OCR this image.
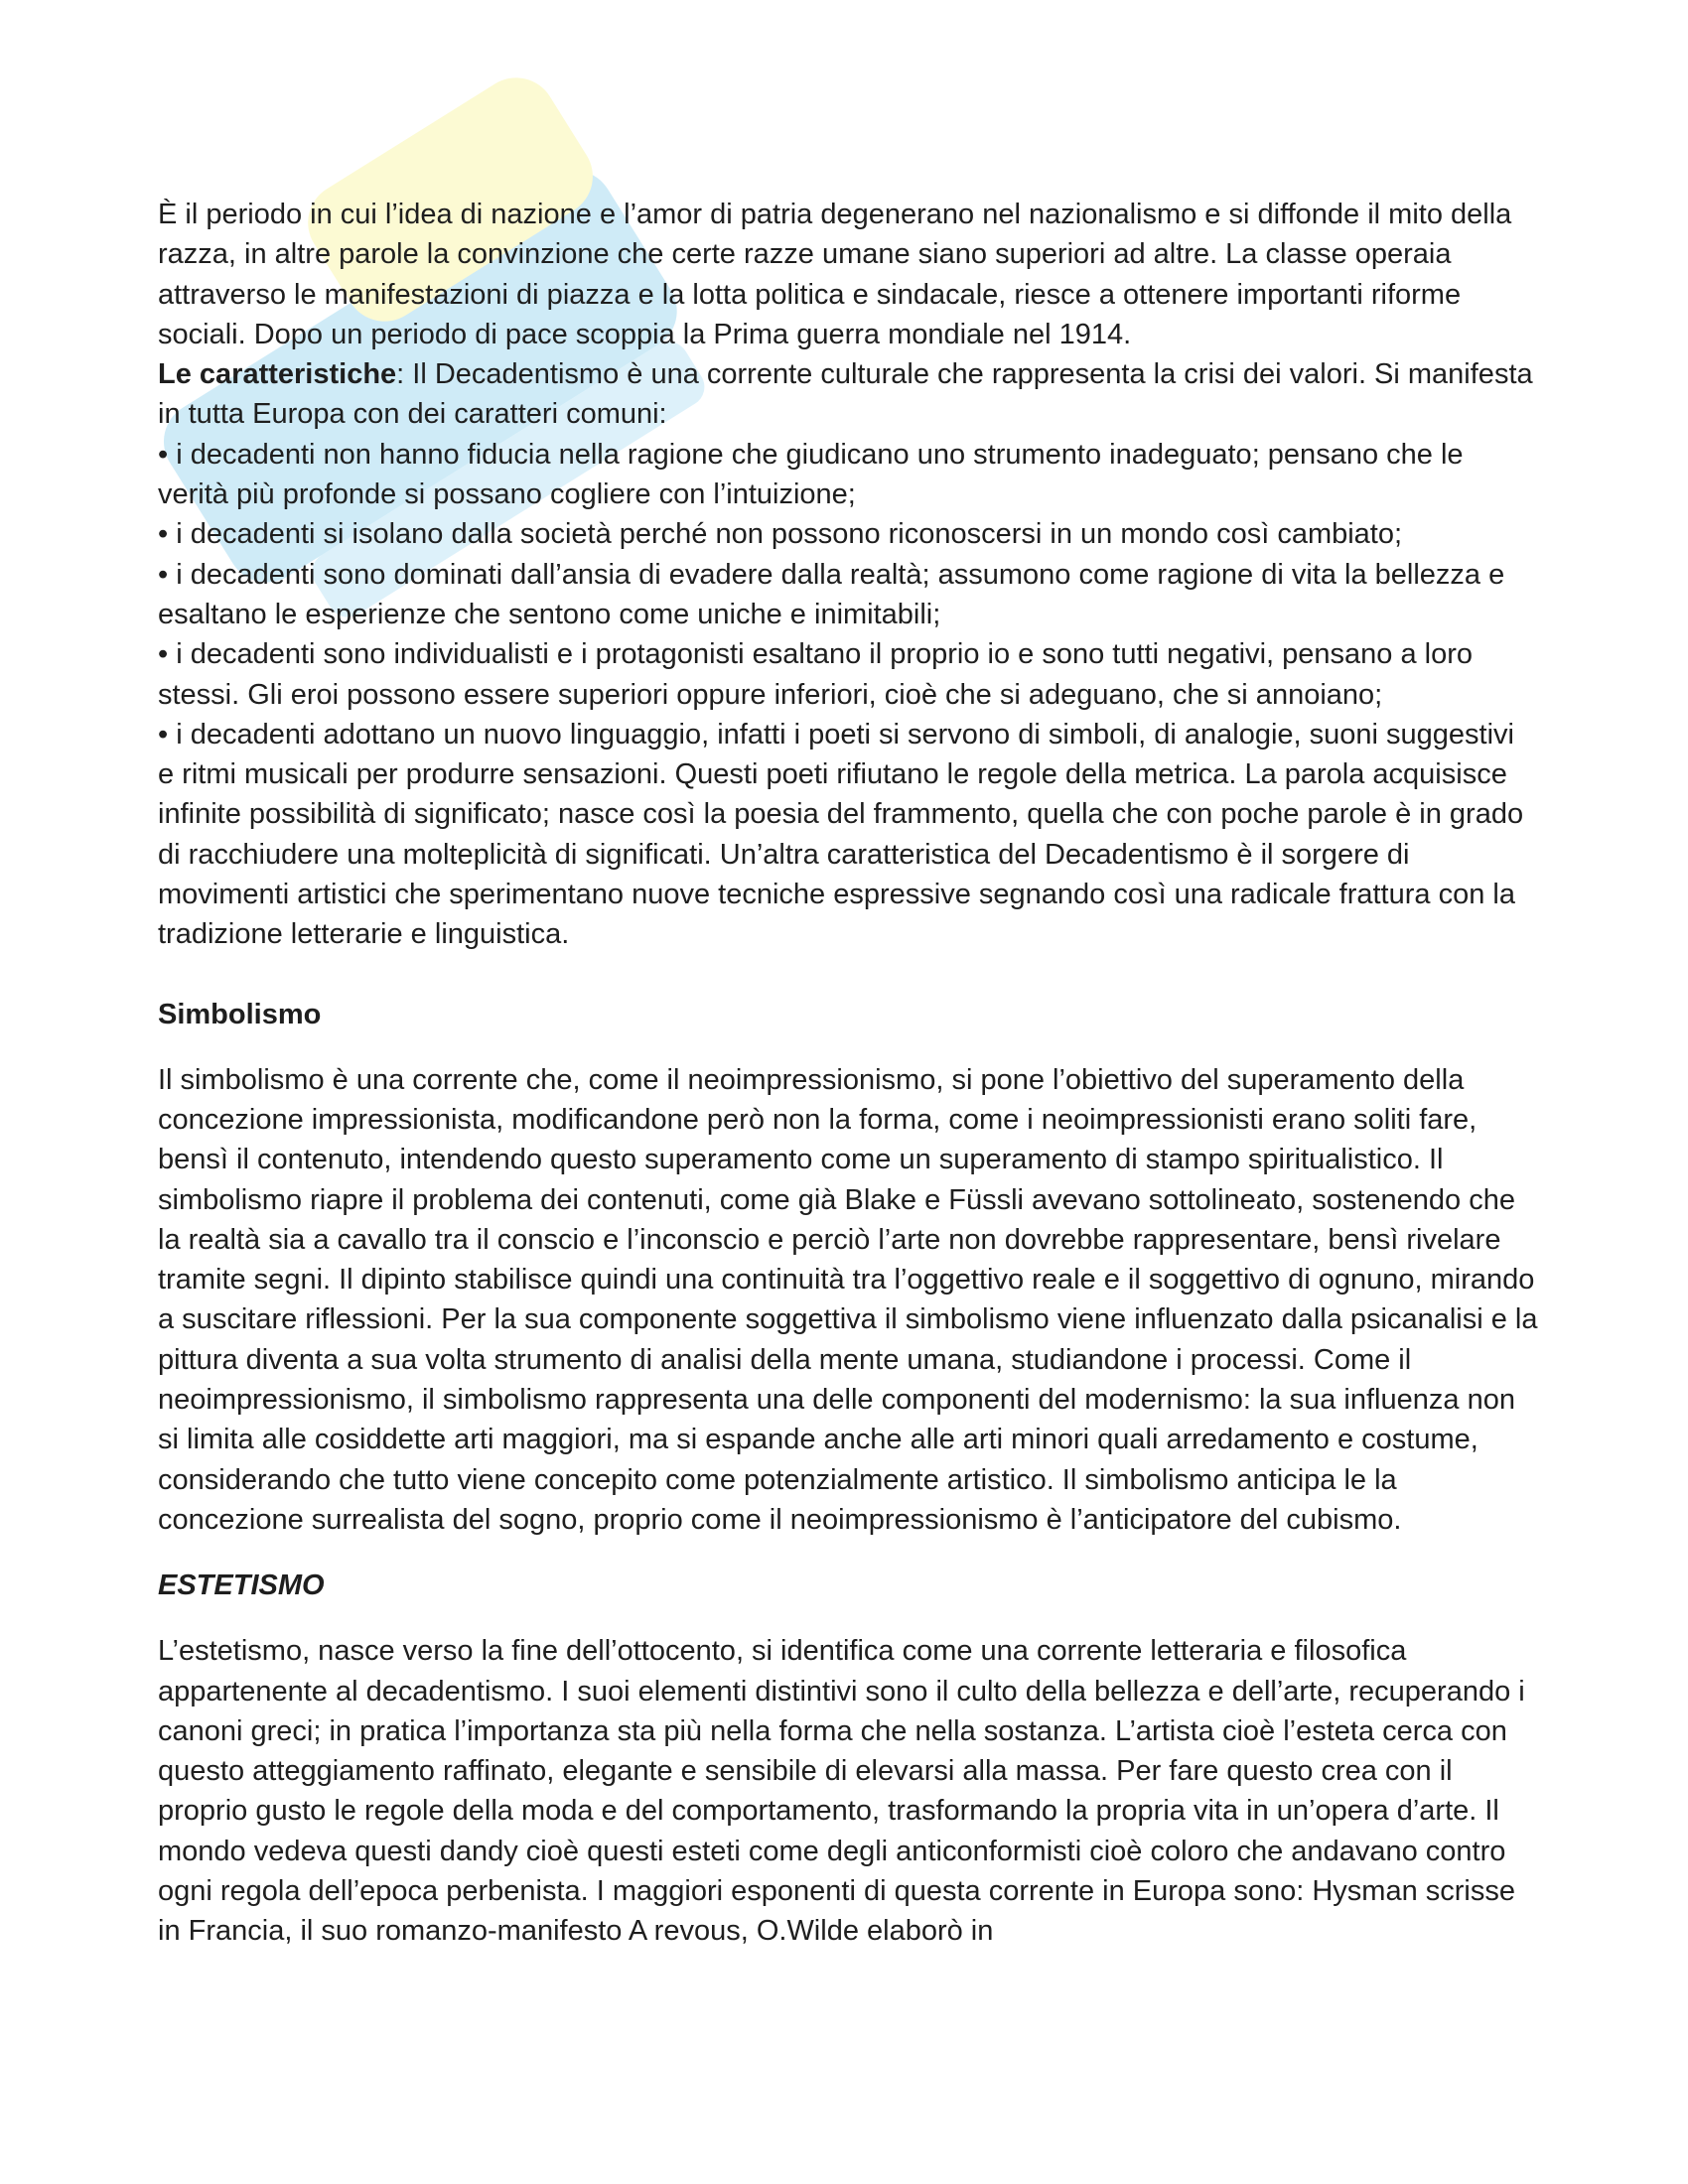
È il periodo in cui l’idea di nazione e l’amor di patria degenerano nel nazionalismo e si diffonde il mito della razza, in altre parole la convinzione che certe razze umane siano superiori ad altre. La classe operaia attraverso le manifestazioni di piazza e la lotta politica e sindacale, riesce a ottenere importanti riforme sociali. Dopo un periodo di pace scoppia la Prima guerra mondiale nel 1914.

Le caratteristiche: Il Decadentismo è una corrente culturale che rappresenta la crisi dei valori. Si manifesta in tutta Europa con dei caratteri comuni:

• i decadenti non hanno fiducia nella ragione che giudicano uno strumento inadeguato; pensano che le verità più profonde si possano cogliere con l’intuizione;

• i decadenti si isolano dalla società perché non possono riconoscersi in un mondo così cambiato;

• i decadenti sono dominati dall’ansia di evadere dalla realtà; assumono come ragione di vita la bellezza e esaltano le esperienze che sentono come uniche e inimitabili;

• i decadenti sono individualisti e i protagonisti esaltano il proprio io e sono tutti negativi, pensano a loro stessi. Gli eroi possono essere superiori oppure inferiori, cioè che si adeguano, che si annoiano;

• i decadenti adottano un nuovo linguaggio, infatti i poeti si servono di simboli, di analogie, suoni suggestivi e ritmi musicali per produrre sensazioni. Questi poeti rifiutano le regole della metrica. La parola acquisisce infinite possibilità di significato; nasce così la poesia del frammento, quella che con poche parole è in grado di racchiudere una molteplicità di significati. Un’altra caratteristica del Decadentismo è il sorgere di movimenti artistici che sperimentano nuove tecniche espressive segnando così una radicale frattura con la tradizione letterarie e linguistica.

Simbolismo

Il simbolismo è una corrente che, come il neoimpressionismo, si pone l’obiettivo del superamento della concezione impressionista, modificandone però non la forma, come i neoimpressionisti erano soliti fare, bensì il contenuto, intendendo questo superamento come un superamento di stampo spiritualistico. Il simbolismo riapre il problema dei contenuti, come già Blake e Füssli avevano sottolineato, sostenendo che la realtà sia a cavallo tra il conscio e l’inconscio e perciò l’arte non dovrebbe rappresentare, bensì rivelare tramite segni. Il dipinto stabilisce quindi una continuità tra l’oggettivo reale e il soggettivo di ognuno, mirando a suscitare riflessioni. Per la sua componente soggettiva il simbolismo viene influenzato dalla psicanalisi e la pittura diventa a sua volta strumento di analisi della mente umana, studiandone i processi. Come il neoimpressionismo, il simbolismo rappresenta una delle componenti del modernismo: la sua influenza non si limita alle cosiddette arti maggiori, ma si espande anche alle arti minori quali arredamento e costume, considerando che tutto viene concepito come potenzialmente artistico. Il simbolismo anticipa le la concezione surrealista del sogno, proprio come il neoimpressionismo è l’anticipatore del cubismo.

ESTETISMO

L’estetismo, nasce verso la fine dell’ottocento, si identifica come una corrente letteraria e filosofica appartenente al decadentismo. I suoi elementi distintivi sono il culto della bellezza e dell’arte, recuperando i canoni greci; in pratica l’importanza sta più nella forma che nella sostanza. L’artista cioè l’esteta cerca con questo atteggiamento raffinato, elegante e sensibile di elevarsi alla massa. Per fare questo crea con il proprio gusto le regole della moda e del comportamento, trasformando la propria vita in un’opera d’arte. Il mondo vedeva questi dandy cioè questi esteti come degli anticonformisti cioè coloro che andavano contro ogni regola dell’epoca perbenista. I maggiori esponenti di questa corrente in Europa sono: Hysman scrisse in Francia, il suo romanzo-manifesto A revous, O.Wilde elaborò in
